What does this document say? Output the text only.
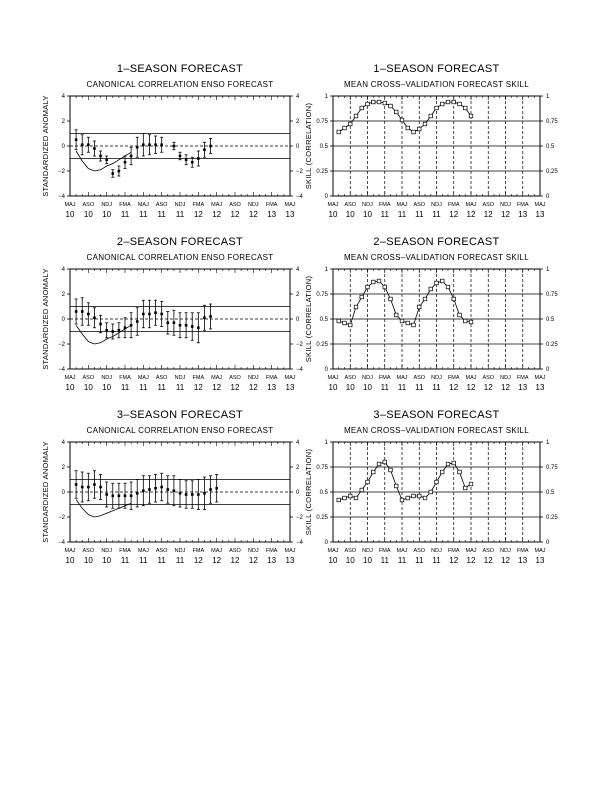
1–SEASON FORECAST	1–SEASON FORECAST
CANONICAL CORRELATION ENSO FORECAST
4	4
2	2
0	0
−2	−2
−4	−4
STANDARDIZED ANOMALY
MAJ
10
ASO
10
NDJ
10
FMA
11
MAJ
11
ASO
11
NDJ
11
FMA
12
MAJ
12
ASO
12
NDJ
12
FMA
13
MAJ
13
MEAN CROSS–VALIDATION FORECAST SKILL
1	1
0.75	0.75
0.5	0.5
0.25	0.25
0	0
SKILL (CORRELATION)
MAJ
10
ASO
10
NDJ
10
FMA
11
MAJ
11
ASO
11
NDJ
11
FMA
12
MAJ
12
ASO
12
NDJ
12
FMA
13
MAJ
13
2–SEASON FORECAST	2–SEASON FORECAST
CANONICAL CORRELATION ENSO FORECAST
4	4
2	2
0	0
−2	−2
−4	−4
STANDARDIZED ANOMALY
MAJ
10
ASO
10
NDJ
10
FMA
11
MAJ
11
ASO
11
NDJ
11
FMA
12
MAJ
12
ASO
12
NDJ
12
FMA
13
MAJ
13
MEAN CROSS–VALIDATION FORECAST SKILL
1	1
0.75	0.75
0.5	0.5
0.25	0.25
0	0
SKILL (CORRELATION)
MAJ
10
ASO
10
NDJ
10
FMA
11
MAJ
11
ASO
11
NDJ
11
FMA
12
MAJ
12
ASO
12
NDJ
12
FMA
13
MAJ
13
3–SEASON FORECAST	3–SEASON FORECAST
CANONICAL CORRELATION ENSO FORECAST
4	4
2	2
0	0
−2	−2
−4	−4
STANDARDIZED ANOMALY
MAJ
10
ASO
10
NDJ
10
FMA
11
MAJ
11
ASO
11
NDJ
11
FMA
12
MAJ
12
ASO
12
NDJ
12
FMA
13
MAJ
13
MEAN CROSS–VALIDATION FORECAST SKILL
1	1
0.75	0.75
0.5	0.5
0.25	0.25
0	0
SKILL (CORRELATION)
MAJ
10
ASO
10
NDJ
10
FMA
11
MAJ
11
ASO
11
NDJ
11
FMA
12
MAJ
12
ASO
12
NDJ
12
FMA
13
MAJ
13
